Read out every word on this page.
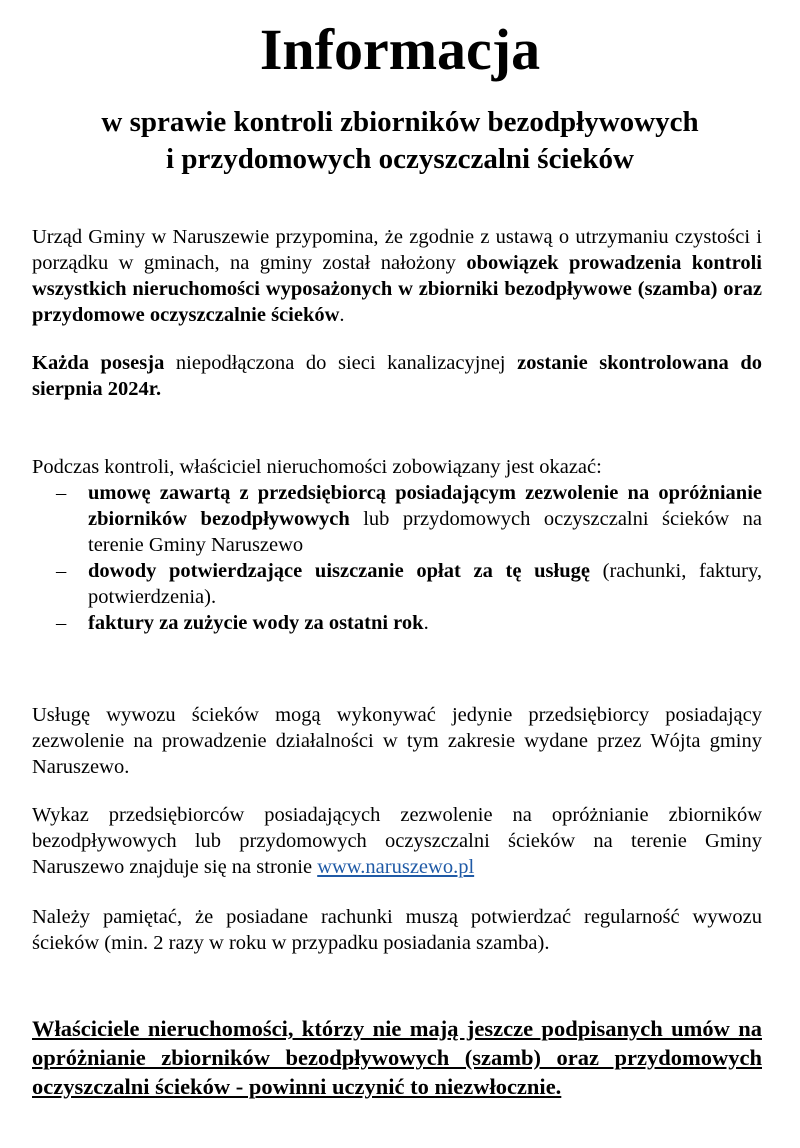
Informacja
w sprawie kontroli zbiorników bezodpływowych
i przydomowych oczyszczalni ścieków
Urząd Gminy w Naruszewie przypomina, że zgodnie z ustawą o utrzymaniu czystości i porządku w gminach, na gminy został nałożony obowiązek prowadzenia kontroli wszystkich nieruchomości wyposażonych w zbiorniki bezodpływowe (szamba) oraz przydomowe oczyszczalnie ścieków.
Każda posesja niepodłączona do sieci kanalizacyjnej zostanie skontrolowana do sierpnia 2024r.
Podczas kontroli, właściciel nieruchomości zobowiązany jest okazać:
– umowę zawartą z przedsiębiorcą posiadającym zezwolenie na opróżnianie zbiorników bezodpływowych lub przydomowych oczyszczalni ścieków na terenie Gminy Naruszewo
– dowody potwierdzające uiszczanie opłat za tę usługę (rachunki, faktury, potwierdzenia).
– faktury za zużycie wody za ostatni rok.
Usługę wywozu ścieków mogą wykonywać jedynie przedsiębiorcy posiadający zezwolenie na prowadzenie działalności w tym zakresie wydane przez Wójta gminy Naruszewo.
Wykaz przedsiębiorców posiadających zezwolenie na opróżnianie zbiorników bezodpływowych lub przydomowych oczyszczalni ścieków na terenie Gminy Naruszewo znajduje się na stronie www.naruszewo.pl
Należy pamiętać, że posiadane rachunki muszą potwierdzać regularność wywozu ścieków (min. 2 razy w roku w przypadku posiadania szamba).
Właściciele nieruchomości, którzy nie mają jeszcze podpisanych umów na opróżnianie zbiorników bezodpływowych (szamb) oraz przydomowych oczyszczalni ścieków - powinni uczynić to niezwłocznie.
